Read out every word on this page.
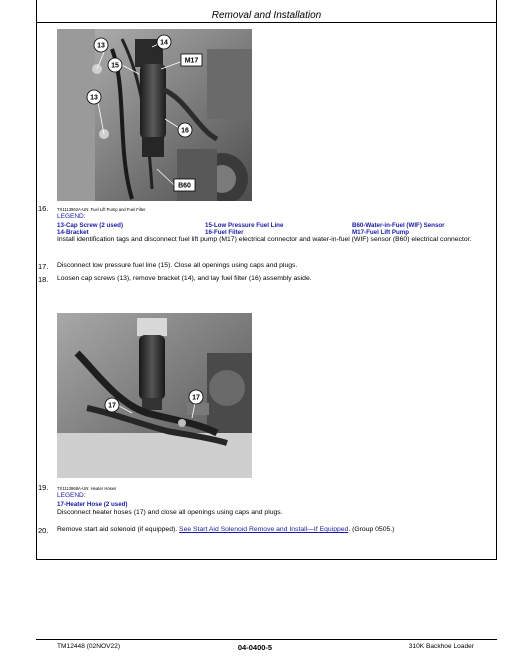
Removal and Installation
13	14
15
M17
13
16
B60
16. TX1113962A-UN: Fuel Lift Pump and Fuel Filter
LEGEND:
13-Cap Screw (2 used)	15-Low Pressure Fuel Line	B60-Water-in-Fuel (WIF) Sensor
14-Bracket	16-Fuel Filter	M17-Fuel Lift Pump
Install identification tags and disconnect fuel lift pump (M17) electrical connector and water-in-fuel (WIF) sensor (B60) electrical connector.
17. Disconnect low pressure fuel line (15). Close all openings using caps and plugs.
18. Loosen cap screws (13), remove bracket (14), and lay fuel filter (16) assembly aside.
17
17
19. TX1113968A-UN: Heater Hoses
LEGEND:
17-Heater Hose (2 used)
Disconnect heater hoses (17) and close all openings using caps and plugs.
20. Remove start aid solenoid (if equipped). See Start Aid Solenoid Remove and Install—If Equipped. (Group 0505.)
TM12448 (02NOV22)	04-0400-5	310K Backhoe Loader
